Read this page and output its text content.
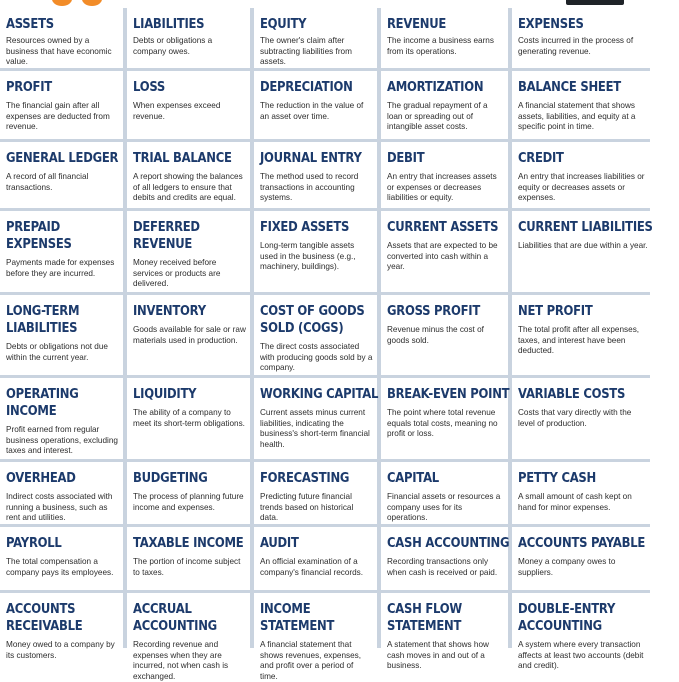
ASSETS
Resources owned by a business that have economic value.
LIABILITIES
Debts or obligations a company owes.
EQUITY
The owner's claim after subtracting liabilities from assets.
REVENUE
The income a business earns from its operations.
EXPENSES
Costs incurred in the process of generating revenue.
PROFIT
The financial gain after all expenses are deducted from revenue.
LOSS
When expenses exceed revenue.
DEPRECIATION
The reduction in the value of an asset over time.
AMORTIZATION
The gradual repayment of a loan or spreading out of intangible asset costs.
BALANCE SHEET
A financial statement that shows assets, liabilities, and equity at a specific point in time.
GENERAL LEDGER
A record of all financial transactions.
TRIAL BALANCE
A report showing the balances of all ledgers to ensure that debits and credits are equal.
JOURNAL ENTRY
The method used to record transactions in accounting systems.
DEBIT
An entry that increases assets or expenses or decreases liabilities or equity.
CREDIT
An entry that increases liabilities or equity or decreases assets or expenses.
PREPAID
EXPENSES
Payments made for expenses before they are incurred.
DEFERRED
REVENUE
Money received before services or products are delivered.
FIXED ASSETS
Long-term tangible assets used in the business (e.g., machinery, buildings).
CURRENT ASSETS
Assets that are expected to be converted into cash within a year.
CURRENT LIABILITIES
Liabilities that are due within a year.
LONG-TERM
LIABILITIES
Debts or obligations not due within the current year.
INVENTORY
Goods available for sale or raw materials used in production.
COST OF GOODS
SOLD (COGS)
The direct costs associated with producing goods sold by a company.
GROSS PROFIT
Revenue minus the cost of goods sold.
NET PROFIT
The total profit after all expenses, taxes, and interest have been deducted.
OPERATING
INCOME
Profit earned from regular business operations, excluding taxes and interest.
LIQUIDITY
The ability of a company to meet its short-term obligations.
WORKING CAPITAL
Current assets minus current liabilities, indicating the business's short-term financial health.
BREAK-EVEN POINT
The point where total revenue equals total costs, meaning no profit or loss.
VARIABLE COSTS
Costs that vary directly with the level of production.
OVERHEAD
Indirect costs associated with running a business, such as rent and utilities.
BUDGETING
The process of planning future income and expenses.
FORECASTING
Predicting future financial trends based on historical data.
CAPITAL
Financial assets or resources a company uses for its operations.
PETTY CASH
A small amount of cash kept on hand for minor expenses.
PAYROLL
The total compensation a company pays its employees.
TAXABLE INCOME
The portion of income subject to taxes.
AUDIT
An official examination of a company's financial records.
CASH ACCOUNTING
Recording transactions only when cash is received or paid.
ACCOUNTS PAYABLE
Money a company owes to suppliers.
ACCOUNTS
RECEIVABLE
Money owed to a company by its customers.
ACCRUAL
ACCOUNTING
Recording revenue and expenses when they are incurred, not when cash is exchanged.
INCOME
STATEMENT
A financial statement that shows revenues, expenses, and profit over a period of time.
CASH FLOW
STATEMENT
A statement that shows how cash moves in and out of a business.
DOUBLE-ENTRY
ACCOUNTING
A system where every transaction affects at least two accounts (debit and credit).
